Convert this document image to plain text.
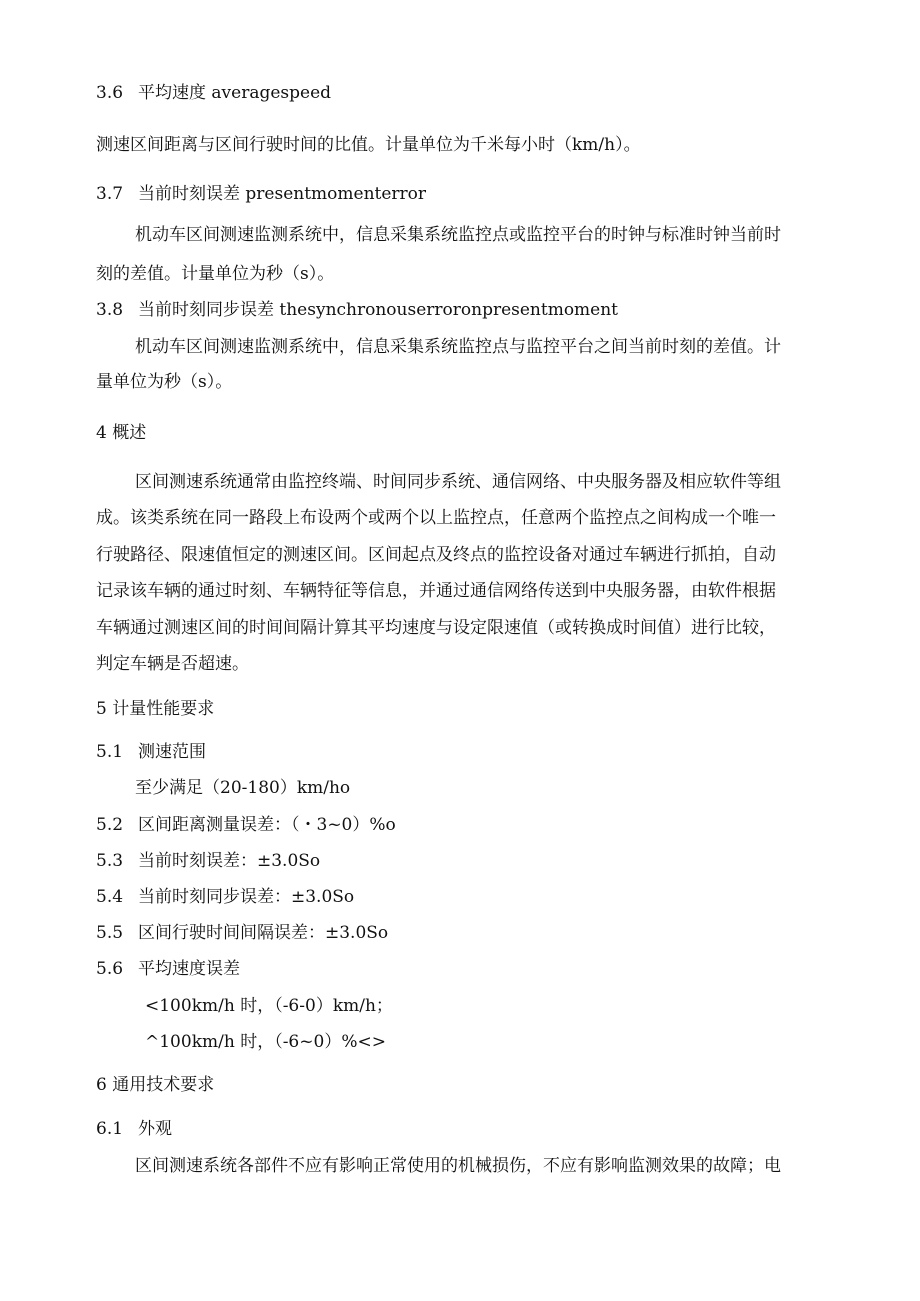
3.6 平均速度 averagespeed
测速区间距离与区间行驶时间的比值。计量单位为千米每小时（km/h）。
3.7 当前时刻误差 presentmomenterror
机动车区间测速监测系统中，信息采集系统监控点或监控平台的时钟与标准时钟当前时
刻的差值。计量单位为秒（s）。
3.8 当前时刻同步误差 thesynchronouserroronpresentmoment
机动车区间测速监测系统中，信息采集系统监控点与监控平台之间当前时刻的差值。计
量单位为秒（s）。
4 概述
区间测速系统通常由监控终端、时间同步系统、通信网络、中央服务器及相应软件等组
成。该类系统在同一路段上布设两个或两个以上监控点，任意两个监控点之间构成一个唯一
行驶路径、限速值恒定的测速区间。区间起点及终点的监控设备对通过车辆进行抓拍，自动
记录该车辆的通过时刻、车辆特征等信息，并通过通信网络传送到中央服务器，由软件根据
车辆通过测速区间的时间间隔计算其平均速度与设定限速值（或转换成时间值）进行比较，
判定车辆是否超速。
5 计量性能要求
5.1 测速范围
至少满足（20-180）km/ho
5.2 区间距离测量误差：（・3~0）%o
5.3 当前时刻误差：±3.0So
5.4 当前时刻同步误差：±3.0So
5.5 区间行驶时间间隔误差：±3.0So
5.6 平均速度误差
<100km/h 时，（-6-0）km/h；
^100km/h 时，（-6~0）%<>
6 通用技术要求
6.1 外观
区间测速系统各部件不应有影响正常使用的机械损伤，不应有影响监测效果的故障；电
